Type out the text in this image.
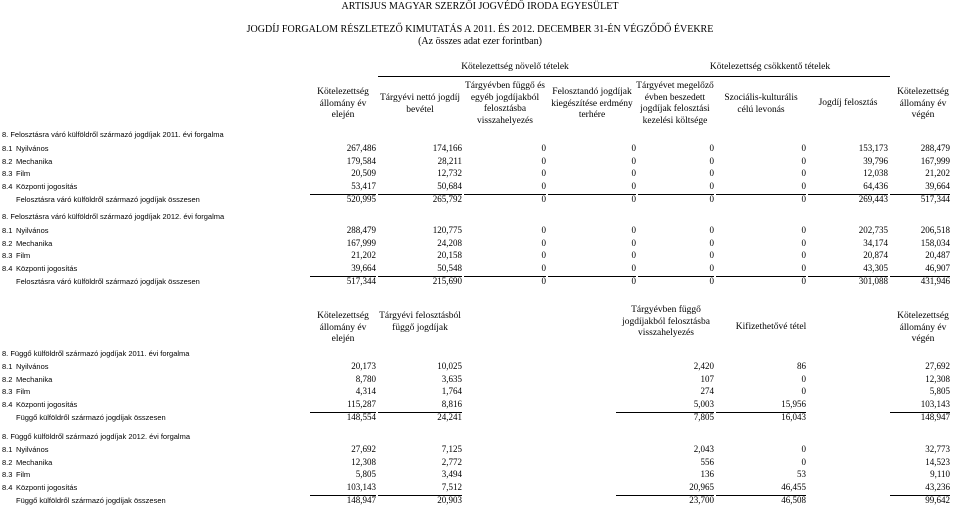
ARTISJUS MAGYAR SZERZŐI JOGVÉDŐ IRODA EGYESÜLET
JOGDÍJ FORGALOM RÉSZLETEZŐ KIMUTATÁS A 2011. ÉS 2012. DECEMBER 31-ÉN VÉGZŐDŐ ÉVEKRE
(Az összes adat ezer forintban)
Kötelezettség növelő tételek	Kötelezettség csökkentő tételek
Kötelezettség állomány év elején
Tárgyévi nettó jogdíj bevétel
Tárgyévben függő és egyéb jogdíjakból felosztásba visszahelyezés
Felosztandó jogdíjak kiegészítése erdmény terhére
Tárgyévet megelőző évben beszedett jogdíjak felosztási kezelési költsége
Szociális-kulturális célú levonás
Jogdíj felosztás
Kötelezettség állomány év végén
8. Felosztásra váró külföldről származó jogdíjak 2011. évi forgalma
8.1 Nyilvános	267,486	174,166	0	0	0	0	153,173	288,479
8.2 Mechanika	179,584	28,211	0	0	0	0	39,796	167,999
8.3 Film	20,509	12,732	0	0	0	0	12,038	21,202
8.4 Központi jogosítás	53,417	50,684	0	0	0	0	64,436	39,664
Felosztásra váró külföldről származó jogdíjak összesen	520,995	265,792	0	0	0	0	269,443	517,344
8. Felosztásra váró külföldről származó jogdíjak 2012. évi forgalma
8.1 Nyilvános	288,479	120,775	0	0	0	0	202,735	206,518
8.2 Mechanika	167,999	24,208	0	0	0	0	34,174	158,034
8.3 Film	21,202	20,158	0	0	0	0	20,874	20,487
8.4 Központi jogosítás	39,664	50,548	0	0	0	0	43,305	46,907
Felosztásra váró külföldről származó jogdíjak összesen	517,344	215,690	0	0	0	0	301,088	431,946
Kötelezettség állomány év elején
Tárgyévi felosztásból függő jogdíjak
Tárgyévben függő jogdíjakból felosztásba visszahelyezés
Kifizethetővé tétel
Kötelezettség állomány év végén
8. Függő külföldről származó jogdíjak 2011. évi forgalma
8.1 Nyilvános	20,173	10,025	2,420	86	27,692
8.2 Mechanika	8,780	3,635	107	0	12,308
8.3 Film	4,314	1,764	274	0	5,805
8.4 Központi jogosítás	115,287	8,816	5,003	15,956	103,143
Függő külföldről származó jogdíjak összesen	148,554	24,241	7,805	16,043	148,947
8. Függő külföldről származó jogdíjak 2012. évi forgalma
8.1 Nyilvános	27,692	7,125	2,043	0	32,773
8.2 Mechanika	12,308	2,772	556	0	14,523
8.3 Film	5,805	3,494	136	53	9,110
8.4 Központi jogosítás	103,143	7,512	20,965	46,455	43,236
Függő külföldről származó jogdíjak összesen	148,947	20,903	23,700	46,508	99,642
